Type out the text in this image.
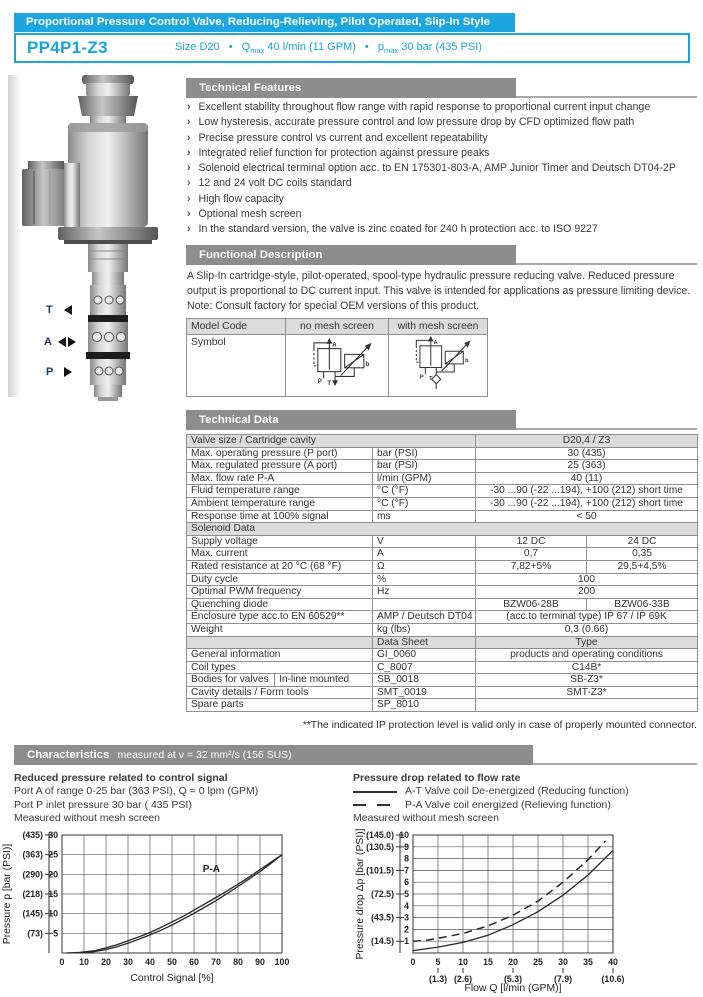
Proportional Pressure Control Valve, Reducing-Relieving, Pilot Operated, Slip-In Style
PP4P1-Z3	Size D20 • $Q_{max}$ 40 l/min (11 GPM) • $p_{max}$ 30 bar (435 PSI)
T
A
P
Technical Features
› Excellent stability throughout flow range with rapid response to proportional current input change
› Low hysteresis, accurate pressure control and low pressure drop by CFD optimized flow path
› Precise pressure control vs current and excellent repeatability
› Integrated relief function for protection against pressure peaks
› Solenoid electrical terminal option acc. to EN 175301-803-A, AMP Junior Timer and Deutsch DT04-2P
› 12 and 24 volt DC coils standard
› High flow capacity
› Optional mesh screen
› In the standard version, the valve is zinc coated for 240 h protection acc. to ISO 9227
Functional Description
A Slip-In cartridge-style, pilot-operated, spool-type hydraulic pressure reducing valve. Reduced pressure output is proportional to DC current input. This valve is intended for applications as pressure limiting device.
Note: Consult factory for special OEM versions of this product.
Model Code	no mesh screen	with mesh screen
Symbol	A
b
P T	A
b
P T
Technical Data
Valve size / Cartridge cavity			D20,4 / Z3	
Max. operating pressure (P port)		bar (PSI)	30 (435)	
Max. regulated pressure (A port)		bar (PSI)	25 (363)	
Max. flow rate P-A		l/min (GPM)	40 (11)	
Fluid temperature range		°C (°F)	-30 ...90 (-22 ...194), +100 (212) short time	
Ambient temperature range		°C (°F)	-30 ...90 (-22 ...194), +100 (212) short time	
Response time at 100% signal		ms	< 50	
Solenoid Data				
Supply voltage		V	12 DC	24 DC
Max. current		A	0,7	0,35
Rated resistance at 20 °C (68 °F)		Ω	7,82+5%	29,5+4,5%
Duty cycle		%	100	
Optimal PWM frequency		Hz	200	
Quenching diode			BZW06-28B	BZW06-33B
Enclosure type acc.to EN 60529**		AMP / Deutsch DT04	(acc.to terminal type) IP 67 / IP 69K	
Weight		kg (lbs)	0,3 (0.66)	
		Data Sheet	Type	
General information		GI_0060	products and operating conditions	
Coil types		C_8007	C14B*	
Bodies for valves	In-line mounted	SB_0018	SB-Z3*	
Cavity details / Form tools		SMT_0019	SMT-Z3*	
Spare parts		SP_8010		
**The indicated IP protection level is valid only in case of properly mounted connector.
Characteristics measured at ν = 32 mm²/s (156 SUS)
Reduced pressure related to control signal
Port A of range 0-25 bar (363 PSI), Q = 0 lpm (GPM)
Port P inlet pressure 30 bar ( 435 PSI)
Measured without mesh screen
Pressure drop related to flow rate
A-T Valve coil De-energized (Reducing function)
P-A Valve coil energized (Relieving function)
Measured without mesh screen
0 10 20 30 40 50 60 70 80 90 100
5
10
15
20
25
30
(435)
(363)
(290)
(218)
(145)
(73)
P-A
Control Signal [%]
Pressure p [bar (PSI)]
0 5 10 15 20 25 30 35 40
(1.3) (2.6)	(5.3)	(7.9)	(10.6)
1
2
3
4
5
6
7
8
9
10
(145.0)
(130.5)
(101.5)
(72.5)
(43.5)
(14.5)
Flow Q [l/min (GPM)]
Pressure drop Δp [bar (PSI)]
